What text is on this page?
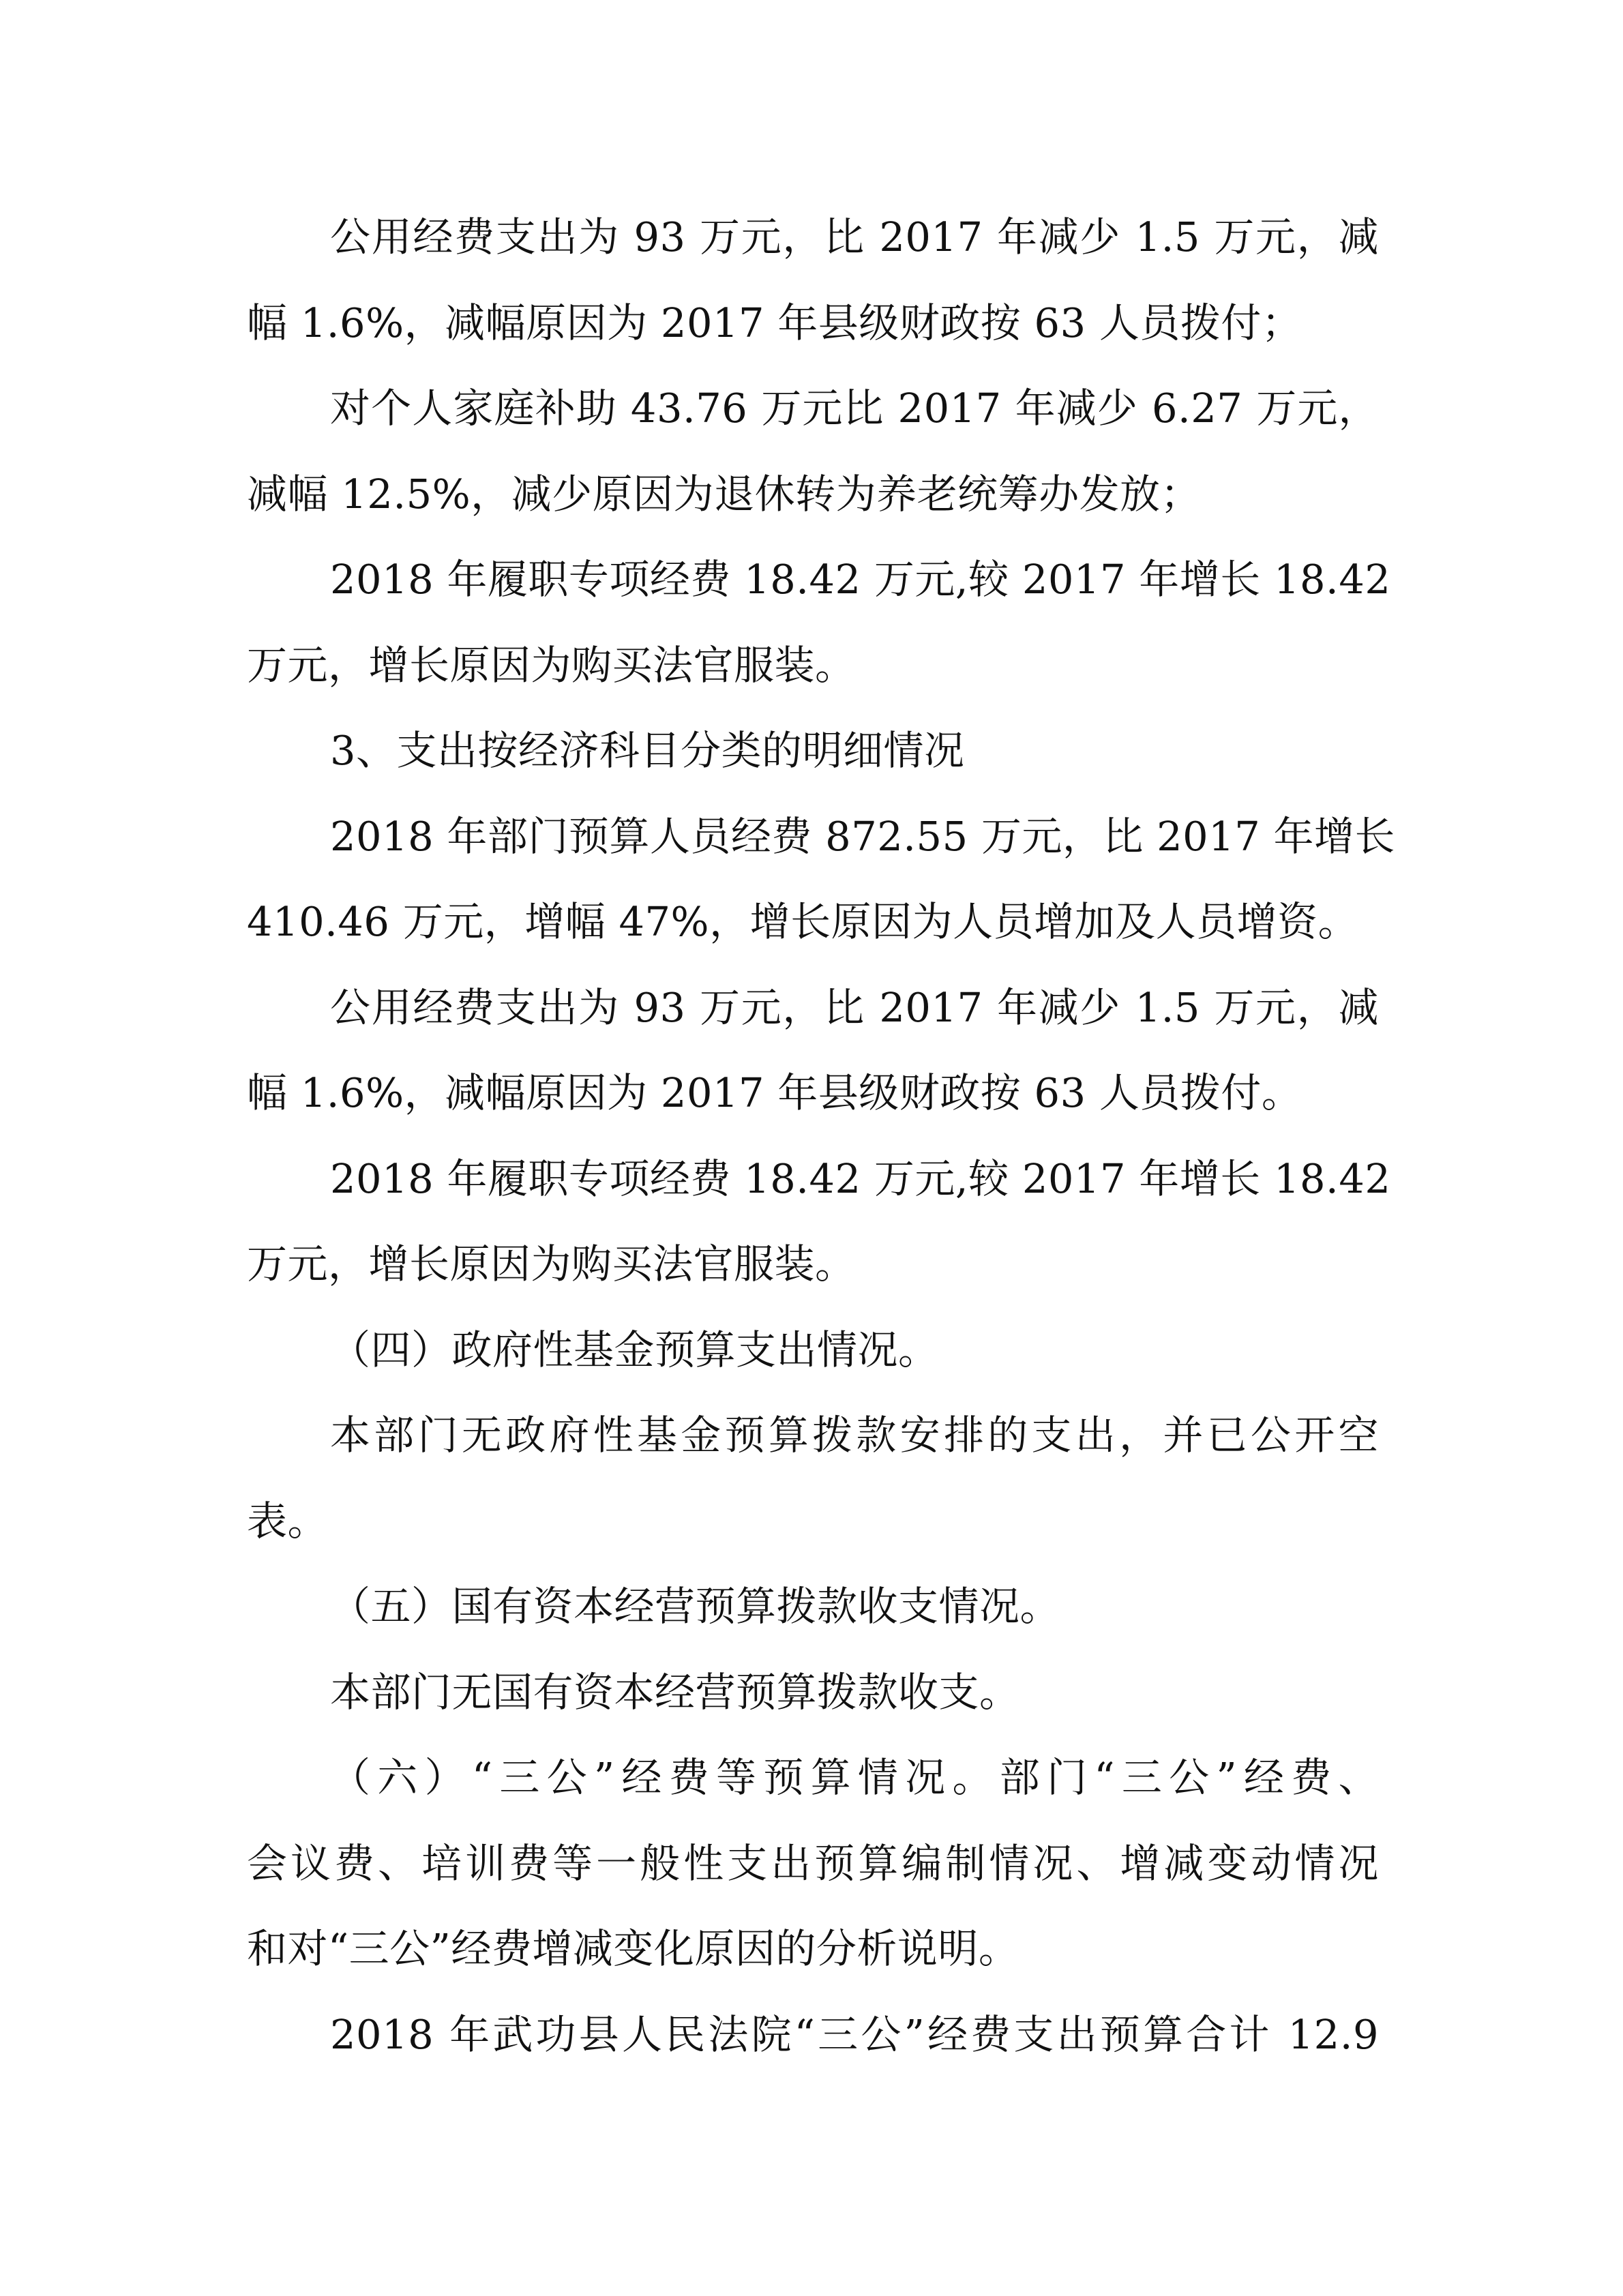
公用经费支出为 93 万元，比 2017 年减少 1.5 万元，减
幅 1.6%，减幅原因为 2017 年县级财政按 63 人员拨付；
对个人家庭补助 43.76 万元比 2017 年减少 6.27 万元，
减幅 12.5%，减少原因为退休转为养老统筹办发放；
2018 年履职专项经费 18.42 万元,较 2017 年增长 18.42
万元，增长原因为购买法官服装。
3、支出按经济科目分类的明细情况
2018 年部门预算人员经费 872.55 万元，比 2017 年增长
410.46 万元，增幅 47%，增长原因为人员增加及人员增资。
公用经费支出为 93 万元，比 2017 年减少 1.5 万元，减
幅 1.6%，减幅原因为 2017 年县级财政按 63 人员拨付。
2018 年履职专项经费 18.42 万元,较 2017 年增长 18.42
万元，增长原因为购买法官服装。
（四）政府性基金预算支出情况。
本部门无政府性基金预算拨款安排的支出，并已公开空
表。
（五）国有资本经营预算拨款收支情况。
本部门无国有资本经营预算拨款收支。
（六）“三公”经费等预算情况。部门“三公”经费、
会议费、培训费等一般性支出预算编制情况、增减变动情况
和对“三公”经费增减变化原因的分析说明。
2018 年武功县人民法院“三公”经费支出预算合计 12.9
